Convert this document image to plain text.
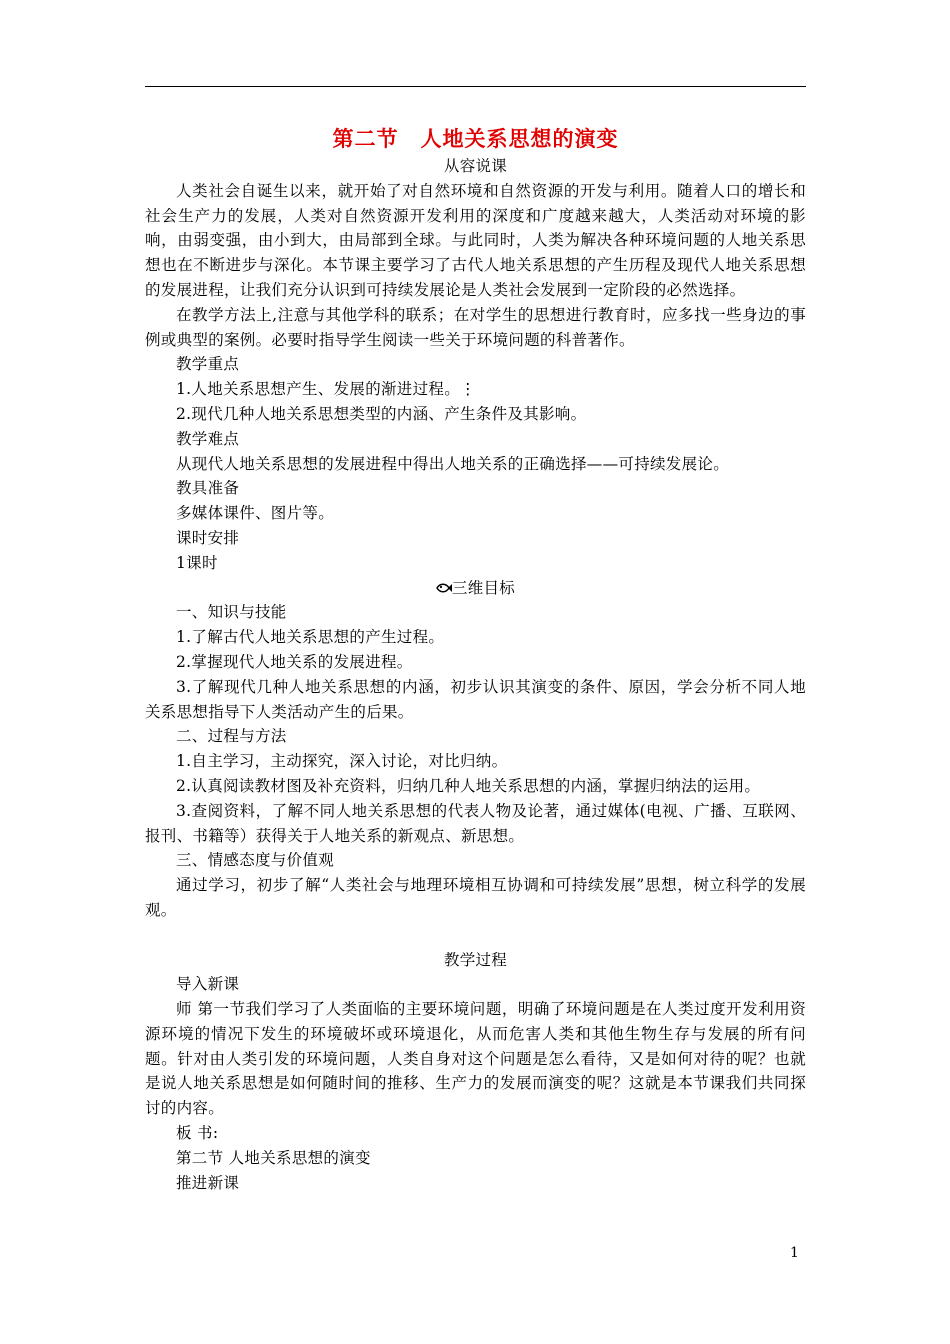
第二节 人地关系思想的演变

从容说课

人类社会自诞生以来，就开始了对自然环境和自然资源的开发与利用。随着人口的增长和社会生产力的发展，人类对自然资源开发利用的深度和广度越来越大，人类活动对环境的影响，由弱变强，由小到大，由局部到全球。与此同时，人类为解决各种环境问题的人地关系思想也在不断进步与深化。本节课主要学习了古代人地关系思想的产生历程及现代人地关系思想的发展进程，让我们充分认识到可持续发展论是人类社会发展到一定阶段的必然选择。

在教学方法上,注意与其他学科的联系；在对学生的思想进行教育时，应多找一些身边的事例或典型的案例。必要时指导学生阅读一些关于环境问题的科普著作。

教学重点

1.人地关系思想产生、发展的渐进过程。⋮

2.现代几种人地关系思想类型的内涵、产生条件及其影响。

教学难点

从现代人地关系思想的发展进程中得出人地关系的正确选择——可持续发展论。

教具准备

多媒体课件、图片等。

课时安排

1课时

三维目标

一、知识与技能

1.了解古代人地关系思想的产生过程。

2.掌握现代人地关系的发展进程。

3.了解现代几种人地关系思想的内涵，初步认识其演变的条件、原因，学会分析不同人地关系思想指导下人类活动产生的后果。

二、过程与方法

1.自主学习，主动探究，深入讨论，对比归纳。

2.认真阅读教材图及补充资料，归纳几种人地关系思想的内涵，掌握归纳法的运用。

3.查阅资料，了解不同人地关系思想的代表人物及论著，通过媒体(电视、广播、互联网、报刊、书籍等）获得关于人地关系的新观点、新思想。

三、情感态度与价值观

通过学习，初步了解“人类社会与地理环境相互协调和可持续发展”思想，树立科学的发展观。

教学过程

导入新课

师 第一节我们学习了人类面临的主要环境问题，明确了环境问题是在人类过度开发利用资源环境的情况下发生的环境破坏或环境退化，从而危害人类和其他生物生存与发展的所有问题。针对由人类引发的环境问题，人类自身对这个问题是怎么看待，又是如何对待的呢？也就是说人地关系思想是如何随时间的推移、生产力的发展而演变的呢？这就是本节课我们共同探讨的内容。

板 书:

第二节 人地关系思想的演变

推进新课

1
